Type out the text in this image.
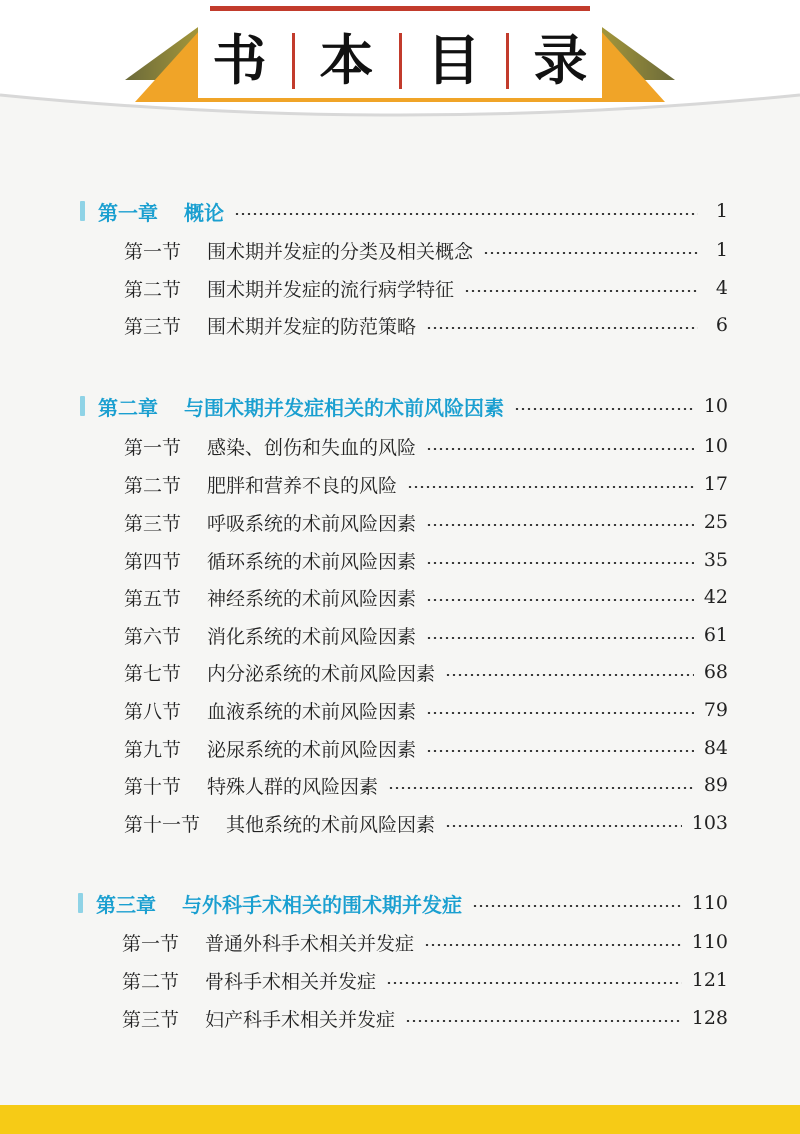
书 本 目 录
第一章 概论	1
第一节 围术期并发症的分类及相关概念	1
第二节 围术期并发症的流行病学特征	4
第三节 围术期并发症的防范策略	6
第二章 与围术期并发症相关的术前风险因素	10
第一节 感染、创伤和失血的风险	10
第二节 肥胖和营养不良的风险	17
第三节 呼吸系统的术前风险因素	25
第四节 循环系统的术前风险因素	35
第五节 神经系统的术前风险因素	42
第六节 消化系统的术前风险因素	61
第七节 内分泌系统的术前风险因素	68
第八节 血液系统的术前风险因素	79
第九节 泌尿系统的术前风险因素	84
第十节 特殊人群的风险因素	89
第十一节 其他系统的术前风险因素	103
第三章 与外科手术相关的围术期并发症	110
第一节 普通外科手术相关并发症	110
第二节 骨科手术相关并发症	121
第三节 妇产科手术相关并发症	128
